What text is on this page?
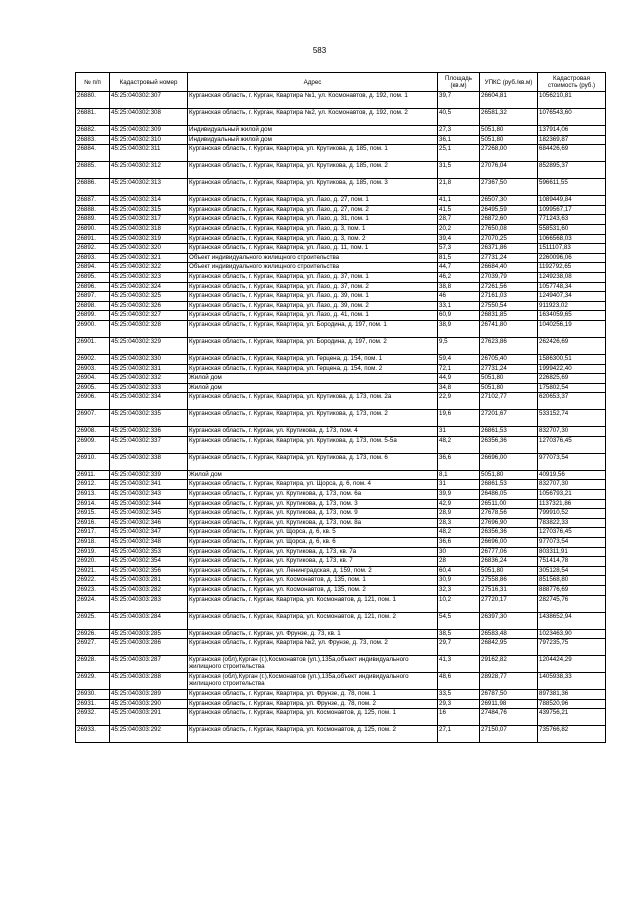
583
№ п/п	Кадастровый номер	Адрес	Площадь (кв.м)	УПКС (руб./кв.м)	Кадастровая стоимость (руб.)
26880.	45:25:040302:307	Курганская область, г. Курган, Квартира №1, ул. Космонавтов, д. 192, пом. 1	39,7	26604,81	1056210,81
26881.	45:25:040302:308	Курганская область, г. Курган, Квартира №2, ул. Космонавтов, д. 192, пом. 2	40,5	26581,32	1076543,60
26882.	45:25:040302:309	Индивидуальный жилой дом	27,3	5051,80	137914,06
26883.	45:25:040302:310	Индивидуальный жилой дом	36,1	5051,80	182369,87
26884.	45:25:040302:311	Курганская область, г. Курган, Квартира, ул. Крутикова, д. 185, пом. 1	25,1	27268,00	684426,69
26885.	45:25:040302:312	Курганская область, г. Курган, Квартира, ул. Крутикова, д. 185, пом. 2	31,5	27076,04	852895,37
26886.	45:25:040302:313	Курганская область, г. Курган, Квартира, ул. Крутикова, д. 185, пом. 3	21,8	27367,50	596611,55
26887.	45:25:040302:314	Курганская область, г. Курган, Квартира, ул. Лазо, д. 27, пом. 1	41,1	26507,30	1089449,84
26888.	45:25:040302:315	Курганская область, г. Курган, Квартира, ул. Лазо, д. 27, пом. 2	41,5	26495,59	1099567,17
26889.	45:25:040302:317	Курганская область, г. Курган, Квартира, ул. Лазо, д. 31, пом. 1	28,7	26872,60	771243,63
26890.	45:25:040302:318	Курганская область, г. Курган, Квартира, ул. Лазо, д. 3, пом. 1	20,2	27650,08	558531,60
26891.	45:25:040302:319	Курганская область, г. Курган, Квартира, ул. Лазо, д. 3, пом. 2	39,4	27070,25	1066568,03
26892.	45:25:040302:320	Курганская область, г. Курган, Квартира, ул. Лазо, д. 11, пом. 1	57,3	26371,86	1511107,83
26893.	45:25:040302:321	Объект индивидуального жилищного строительства	81,5	27731,24	2260096,06
26894.	45:25:040302:322	Объект индивидуального жилищного строительства	44,7	26684,40	1192792,65
26895.	45:25:040302:323	Курганская область, г. Курган, Квартира, ул. Лазо, д. 37, пом. 1	46,2	27039,79	1249238,08
26896.	45:25:040302:324	Курганская область, г. Курган, Квартира, ул. Лазо, д. 37, пом. 2	38,8	27261,56	1057748,34
26897.	45:25:040302:325	Курганская область, г. Курган, Квартира, ул. Лазо, д. 39, пом. 1	46	27161,03	1249407,34
26898.	45:25:040302:326	Курганская область, г. Курган, Квартира, ул. Лазо, д. 39, пом. 2	33,1	27550,54	911923,02
26899.	45:25:040302:327	Курганская область, г. Курган, Квартира, ул. Лазо, д. 41, пом. 1	60,9	26831,85	1634059,65
26900.	45:25:040302:328	Курганская область, г. Курган, Квартира, ул. Бородина, д. 197, пом. 1	38,9	26741,80	1040256,19
26901.	45:25:040302:329	Курганская область, г. Курган, Квартира, ул. Бородина, д. 197, пом. 2	9,5	27623,86	262426,69
26902.	45:25:040302:330	Курганская область, г. Курган, Квартира, ул. Герцена, д. 154, пом. 1	59,4	26705,40	1586300,51
26903.	45:25:040302:331	Курганская область, г. Курган, Квартира, ул. Герцена, д. 154, пом. 2	72,1	27731,24	1999422,40
26904.	45:25:040302:332	Жилой дом	44,9	5051,80	226825,69
26905.	45:25:040302:333	Жилой дом	34,8	5051,80	175802,54
26906.	45:25:040302:334	Курганская область, г. Курган, Квартира, ул. Крутикова, д. 173, пом. 2а	22,9	27102,77	620653,37
26907.	45:25:040302:335	Курганская область, г. Курган, Квартира, ул. Крутикова, д. 173, пом. 2	19,6	27201,67	533152,74
26908.	45:25:040302:336	Курганская область, г. Курган, ул. Крутикова, д. 173, пом. 4	31	26861,53	832707,30
26909.	45:25:040302:337	Курганская область, г. Курган, Квартира, ул. Крутикова, д. 173, пом. 5-5а	48,2	26356,36	1270376,45
26910.	45:25:040302:338	Курганская область, г. Курган, Квартира, ул. Крутикова, д. 173, пом. 6	36,6	26696,00	977073,54
26911.	45:25:040302:339	Жилой дом	8,1	5051,80	40919,56
26912.	45:25:040302:341	Курганская область, г. Курган, Квартира, ул. Щорса, д. 6, пом. 4	31	26861,53	832707,30
26913.	45:25:040302:343	Курганская область, г. Курган, ул. Крутикова, д. 173, пом. 6а	39,9	26486,05	1056793,21
26914.	45:25:040302:344	Курганская область, г. Курган, ул. Крутикова, д. 173, пом. 3	42,9	26511,00	1137321,86
26915.	45:25:040302:345	Курганская область, г. Курган, ул. Крутикова, д. 173, пом. 9	28,9	27678,56	799910,52
26916.	45:25:040302:346	Курганская область, г. Курган, ул. Крутикова, д. 173, пом. 8а	28,3	27696,90	783822,33
26917.	45:25:040302:347	Курганская область, г. Курган, ул. Щорса, д. 6, кв. 5	48,2	26356,36	1270376,45
26918.	45:25:040302:348	Курганская область, г. Курган, ул. Щорса, д. 6, кв. 6	36,6	26696,00	977073,54
26919.	45:25:040302:353	Курганская область, г. Курган, ул. Крутикова, д. 173, кв. 7а	30	26777,06	803311,91
26920.	45:25:040302:354	Курганская область, г. Курган, ул. Крутикова, д. 173, кв. 7	28	26836,24	751414,78
26921.	45:25:040302:356	Курганская область, г. Курган, ул. Ленинградская, д. 159, пом. 2	60,4	5051,80	305128,54
26922.	45:25:040303:281	Курганская область, г. Курган, ул. Космонавтов, д. 135, пом. 1	30,9	27558,86	851568,80
26923.	45:25:040303:282	Курганская область, г. Курган, ул. Космонавтов, д. 135, пом. 2	32,3	27516,31	888776,69
26924.	45:25:040303:283	Курганская область, г. Курган, Квартира, ул. Космонавтов, д. 121, пом. 1	10,2	27720,17	282745,76
26925.	45:25:040303:284	Курганская область, г. Курган, Квартира, ул. Космонавтов, д. 121, пом. 2	54,5	26397,30	1438652,94
26926.	45:25:040303:285	Курганская область, г. Курган, ул. Фрунзе, д. 73, кв. 1	38,5	26583,48	1023463,90
26927.	45:25:040303:286	Курганская область, г. Курган, Квартира №2, ул. Фрунзе, д. 73, пом. 2	29,7	26842,95	797235,75
26928.	45:25:040303:287	Курганская (обл),Курган (г.),Космонавтов (ул.),135а,объект индивидуального жилищного строительства	41,3	29162,82	1204424,29
26929.	45:25:040303:288	Курганская (обл),Курган (г.),Космонавтов (ул.),135а,объект индивидуального жилищного строительства	48,6	28928,77	1405938,33
26930.	45:25:040303:289	Курганская область, г. Курган, Квартира, ул. Фрунзе, д. 78, пом. 1	33,5	26787,50	897381,36
26931.	45:25:040303:290	Курганская область, г. Курган, Квартира, ул. Фрунзе, д. 78, пом. 2	29,3	26911,98	788520,96
26932.	45:25:040303:291	Курганская область, г. Курган, Квартира, ул. Космонавтов, д. 125, пом. 1	16	27484,76	439756,21
26933.	45:25:040303:292	Курганская область, г. Курган, Квартира, ул. Космонавтов, д. 125, пом. 2	27,1	27150,07	735766,82
